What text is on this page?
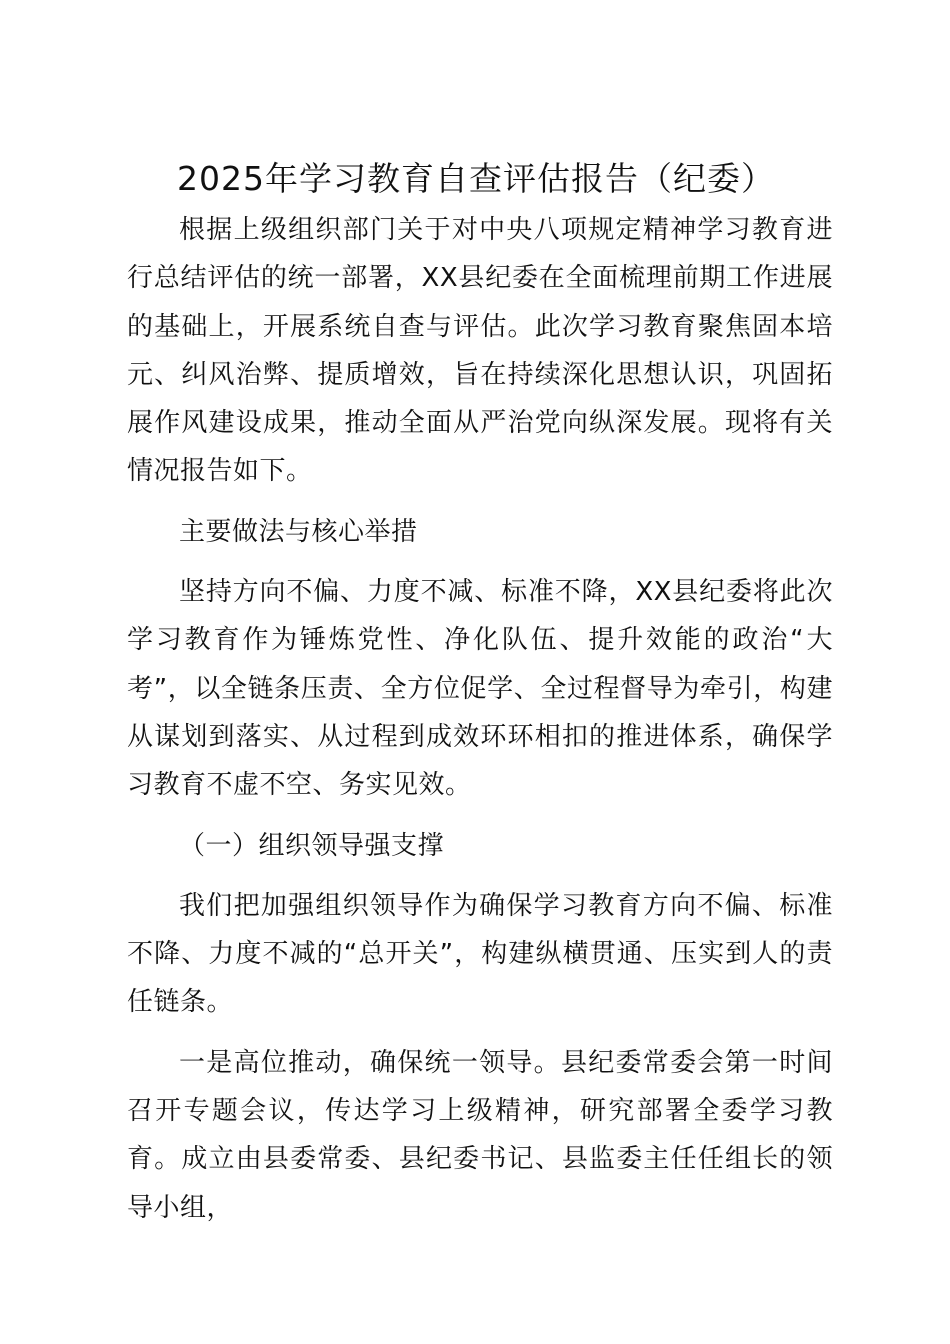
2025年学习教育自查评估报告（纪委）

根据上级组织部门关于对中央八项规定精神学习教育进行总结评估的统一部署，XX县纪委在全面梳理前期工作进展的基础上，开展系统自查与评估。此次学习教育聚焦固本培元、纠风治弊、提质增效，旨在持续深化思想认识，巩固拓展作风建设成果，推动全面从严治党向纵深发展。现将有关情况报告如下。

主要做法与核心举措

坚持方向不偏、力度不减、标准不降，XX县纪委将此次学习教育作为锤炼党性、净化队伍、提升效能的政治“大考”，以全链条压责、全方位促学、全过程督导为牵引，构建从谋划到落实、从过程到成效环环相扣的推进体系，确保学习教育不虚不空、务实见效。

（一）组织领导强支撑

我们把加强组织领导作为确保学习教育方向不偏、标准不降、力度不减的“总开关”，构建纵横贯通、压实到人的责任链条。

一是高位推动，确保统一领导。县纪委常委会第一时间召开专题会议，传达学习上级精神，研究部署全委学习教育。成立由县委常委、县纪委书记、县监委主任任组长的领导小组，
